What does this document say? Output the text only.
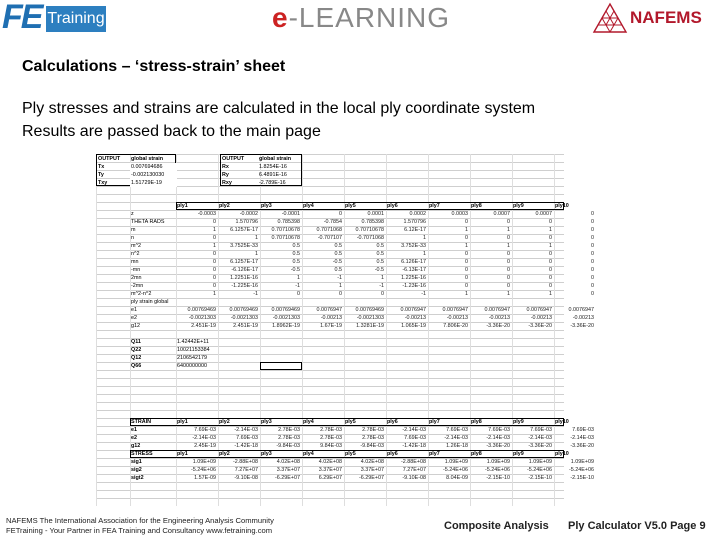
FE Training	e-LEARNING	NAFEMS
Calculations – ‘stress-strain’ sheet
Ply stresses and strains are calculated in the local ply coordinate system
Results are passed back to the main page
OUTPUT	global strain
Tx	0.007694686
Ty	-0.002130030
Txy	1.51729E-19
OUTPUT	global strain
Rx	1.8254E-16
Ry	6.4891E-16
Rxy	-2.789E-16
ply1	ply2	ply3	ply4	ply5	ply6	ply7	ply8	ply9	ply10
z	-0.0003	-0.0002	-0.0001	0	0.0001	0.0002	0.0003	0.0007	0.0007	0
THETA RADS	0	1.570796	0.785398	-0.7854	0.785398	1.570796	0	0	0	0
m	1	6.1257E-17	0.70710678	0.7071068	0.70710678	6.12E-17	1	1	1	0
n	0	1	0.70710678	-0.707107	-0.7071068	1	0	0	0	0
m^2	1	3.7525E-33	0.5	0.5	0.5	3.752E-33	1	1	1	0
n^2	0	1	0.5	0.5	0.5	1	0	0	0	0
mn	0	6.1257E-17	0.5	-0.5	0.5	6.126E-17	0	0	0	0
-mn	0	-6.126E-17	-0.5	0.5	-0.5	-6.13E-17	0	0	0	0
2mn	0	1.2251E-16	1	-1	1	1.225E-16	0	0	0	0
-2mn	0	-1.225E-16	-1	1	-1	-1.23E-16	0	0	0	0
m^2-n^2	1	-1	0	0	0	-1	1	1	1	0
ply strain global
e1	0.00769469	0.00769469	0.00769469	0.0076947	0.00769469	0.0076947	0.0076947	0.0076947	0.0076947	0.0076947
e2	-0.0021303	-0.0021303	-0.0021303	-0.00213	-0.0021303	-0.00213	-0.00213	-0.00213	-0.00213	-0.00213
g12	2.451E-19	2.451E-19	1.8962E-19	1.67E-19	1.3281E-19	1.065E-19	7.806E-20	-3.36E-20	-3.36E-20	-3.36E-20
Q11	1.42442E+11
Q22	10021153384
Q12	2106542179
Q66	6400000000
STRAIN	ply1	ply2	ply3	ply4	ply5	ply6	ply7	ply8	ply9	ply10
e1	7.69E-03	-2.14E-03	2.78E-03	2.78E-03	2.78E-03	-2.14E-03	7.69E-03	7.69E-03	7.69E-03	7.69E-03
e2	-2.14E-03	7.69E-03	2.78E-03	2.78E-03	2.78E-03	7.69E-03	-2.14E-03	-2.14E-03	-2.14E-03	-2.14E-03
g12	2.45E-19	-1.42E-18	-9.84E-03	9.84E-03	-9.84E-03	-1.42E-18	1.26E-18	-3.36E-20	-3.36E-20	-3.36E-20
STRESS	ply1	ply2	ply3	ply4	ply5	ply6	ply7	ply8	ply9	ply10
sig1	1.09E+09	-2.88E+08	4.02E+08	4.02E+08	4.02E+08	-2.88E+08	1.09E+09	1.09E+09	1.09E+09	1.09E+09
sig2	-5.24E+06	7.27E+07	3.37E+07	3.37E+07	3.37E+07	7.27E+07	-5.24E+06	-5.24E+06	-5.24E+06	-5.24E+06
sigt2	1.57E-09	-9.10E-08	-6.29E+07	6.29E+07	-6.29E+07	-9.10E-08	8.04E-09	-2.15E-10	-2.15E-10	-2.15E-10
NAFEMS The International Association for the Engineering Analysis Community
FETraining - Your Partner in FEA Training and Consultancy www.fetraining.com	Composite Analysis Ply Calculator V5.0 Page 9
